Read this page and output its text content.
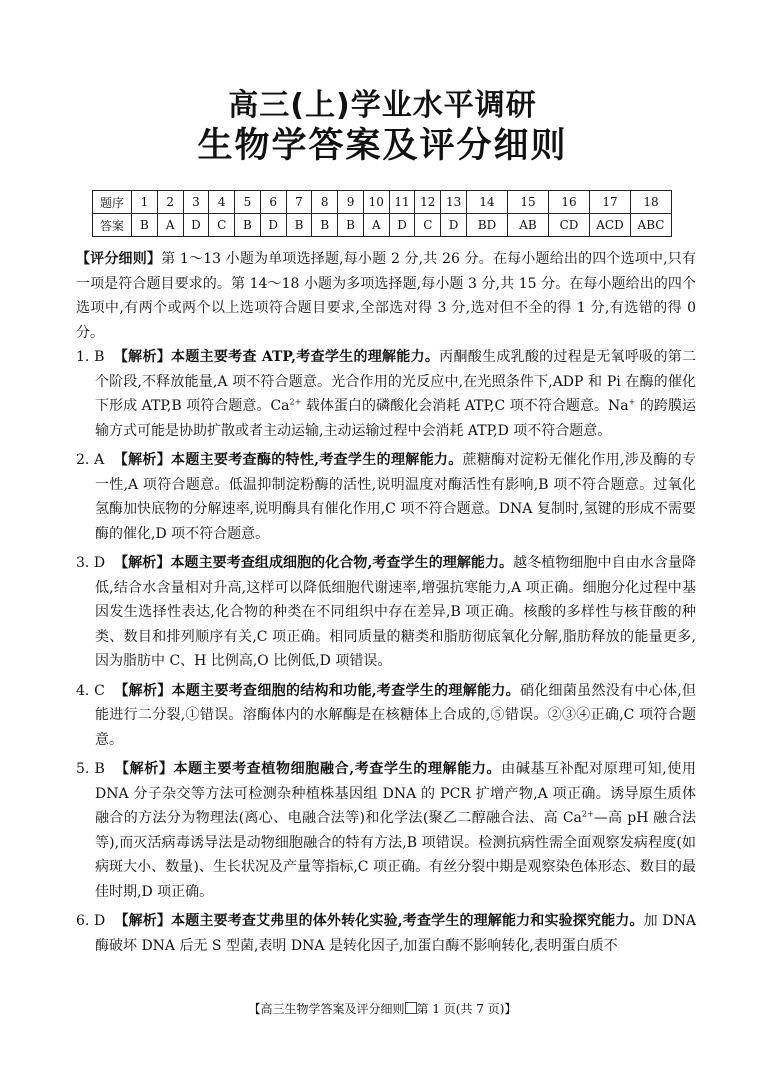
高三(上)学业水平调研
生物学答案及评分细则
题序	1	2	3	4	5	6	7	8	9	10	11	12	13	14	15	16	17	18
答案	B	A	D	C	B	D	B	B	B	A	D	C	D	BD	AB	CD	ACD	ABC

【评分细则】第 1～13 小题为单项选择题,每小题 2 分,共 26 分。在每小题给出的四个选项中,只有一项是符合题目要求的。第 14～18 小题为多项选择题,每小题 3 分,共 15 分。在每小题给出的四个选项中,有两个或两个以上选项符合题目要求,全部选对得 3 分,选对但不全的得 1 分,有选错的得 0 分。

1. B 【解析】本题主要考查 ATP,考查学生的理解能力。丙酮酸生成乳酸的过程是无氧呼吸的第二个阶段,不释放能量,A 项不符合题意。光合作用的光反应中,在光照条件下,ADP 和 Pi 在酶的催化下形成 ATP,B 项符合题意。$Ca^{2+}$ 载体蛋白的磷酸化会消耗 ATP,C 项不符合题意。Na+ 的跨膜运输方式可能是协助扩散或者主动运输,主动运输过程中会消耗 ATP,D 项不符合题意。

2. A 【解析】本题主要考查酶的特性,考查学生的理解能力。蔗糖酶对淀粉无催化作用,涉及酶的专一性,A 项符合题意。低温抑制淀粉酶的活性,说明温度对酶活性有影响,B 项不符合题意。过氧化氢酶加快底物的分解速率,说明酶具有催化作用,C 项不符合题意。DNA 复制时,氢键的形成不需要酶的催化,D 项不符合题意。

3. D 【解析】本题主要考查组成细胞的化合物,考查学生的理解能力。越冬植物细胞中自由水含量降低,结合水含量相对升高,这样可以降低细胞代谢速率,增强抗寒能力,A 项正确。细胞分化过程中基因发生选择性表达,化合物的种类在不同组织中存在差异,B 项正确。核酸的多样性与核苷酸的种类、数目和排列顺序有关,C 项正确。相同质量的糖类和脂肪彻底氧化分解,脂肪释放的能量更多,因为脂肪中 C、H 比例高,O 比例低,D 项错误。

4. C 【解析】本题主要考查细胞的结构和功能,考查学生的理解能力。硝化细菌虽然没有中心体,但能进行二分裂,①错误。溶酶体内的水解酶是在核糖体上合成的,⑤错误。②③④正确,C 项符合题意。

5. B 【解析】本题主要考查植物细胞融合,考查学生的理解能力。由碱基互补配对原理可知,使用 DNA 分子杂交等方法可检测杂种植株基因组 DNA 的 PCR 扩增产物,A 项正确。诱导原生质体融合的方法分为物理法(离心、电融合法等)和化学法(聚乙二醇融合法、高 $Ca^{2+}—$高 pH 融合法等),而灭活病毒诱导法是动物细胞融合的特有方法,B 项错误。检测抗病性需全面观察发病程度(如病斑大小、数量)、生长状况及产量等指标,C 项正确。有丝分裂中期是观察染色体形态、数目的最佳时期,D 项正确。

6. D 【解析】本题主要考查艾弗里的体外转化实验,考查学生的理解能力和实验探究能力。加 DNA 酶破坏 DNA 后无 S 型菌,表明 DNA 是转化因子,加蛋白酶不影响转化,表明蛋白质不

【高三生物学答案及评分细则 第 1 页(共 7 页)】
